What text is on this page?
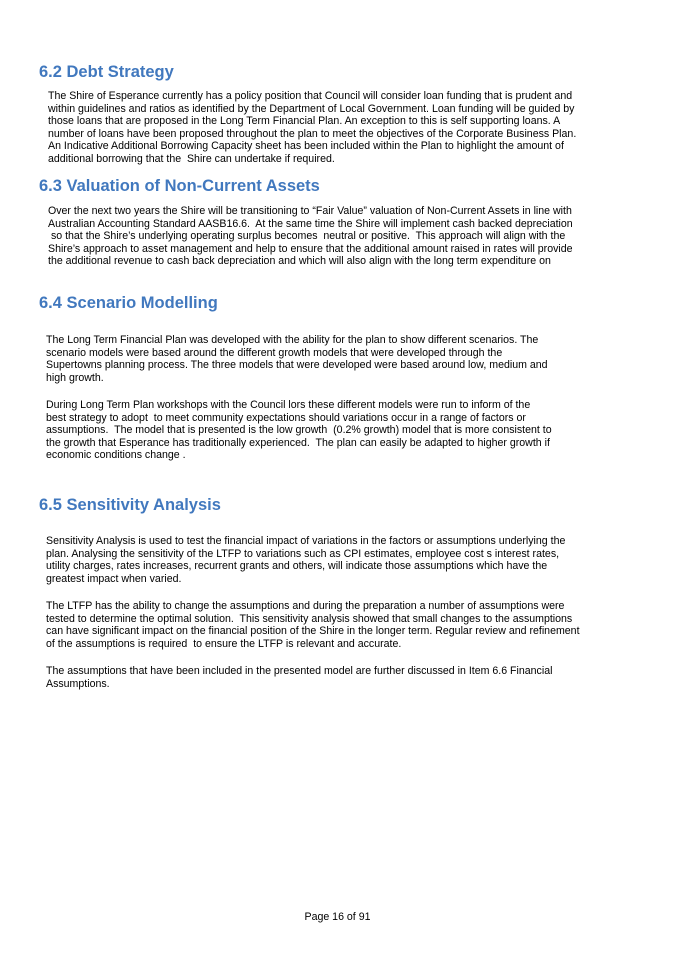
6.2 Debt Strategy
The Shire of Esperance currently has a policy position that Council will consider loan funding that is prudent and
within guidelines and ratios as identified by the Department of Local Government. Loan funding will be guided by
those loans that are proposed in the Long Term Financial Plan. An exception to this is self supporting loans. A
number of loans have been proposed throughout the plan to meet the objectives of the Corporate Business Plan.
An Indicative Additional Borrowing Capacity sheet has been included within the Plan to highlight the amount of
additional borrowing that the  Shire can undertake if required.
6.3 Valuation of Non-Current Assets
Over the next two years the Shire will be transitioning to “Fair Value” valuation of Non-Current Assets in line with
Australian Accounting Standard AASB16.6.  At the same time the Shire will implement cash backed depreciation
so that the Shire’s underlying operating surplus becomes  neutral or positive.  This approach will align with the
Shire’s approach to asset management and help to ensure that the additional amount raised in rates will provide
the additional revenue to cash back depreciation and which will also align with the long term expenditure on
6.4 Scenario Modelling
The Long Term Financial Plan was developed with the ability for the plan to show different scenarios. The
scenario models were based around the different growth models that were developed through the
Supertowns planning process. The three models that were developed were based around low, medium and
high growth.
During Long Term Plan workshops with the Council lors these different models were run to inform of the
best strategy to adopt  to meet community expectations should variations occur in a range of factors or
assumptions.  The model that is presented is the low growth  (0.2% growth) model that is more consistent to
the growth that Esperance has traditionally experienced.  The plan can easily be adapted to higher growth if
economic conditions change .
6.5 Sensitivity Analysis
Sensitivity Analysis is used to test the financial impact of variations in the factors or assumptions underlying the
plan. Analysing the sensitivity of the LTFP to variations such as CPI estimates, employee cost s interest rates,
utility charges, rates increases, recurrent grants and others, will indicate those assumptions which have the
greatest impact when varied.
The LTFP has the ability to change the assumptions and during the preparation a number of assumptions were
tested to determine the optimal solution.  This sensitivity analysis showed that small changes to the assumptions
can have significant impact on the financial position of the Shire in the longer term. Regular review and refinement
of the assumptions is required  to ensure the LTFP is relevant and accurate.
The assumptions that have been included in the presented model are further discussed in Item 6.6 Financial
Assumptions.
Page 16 of 91
